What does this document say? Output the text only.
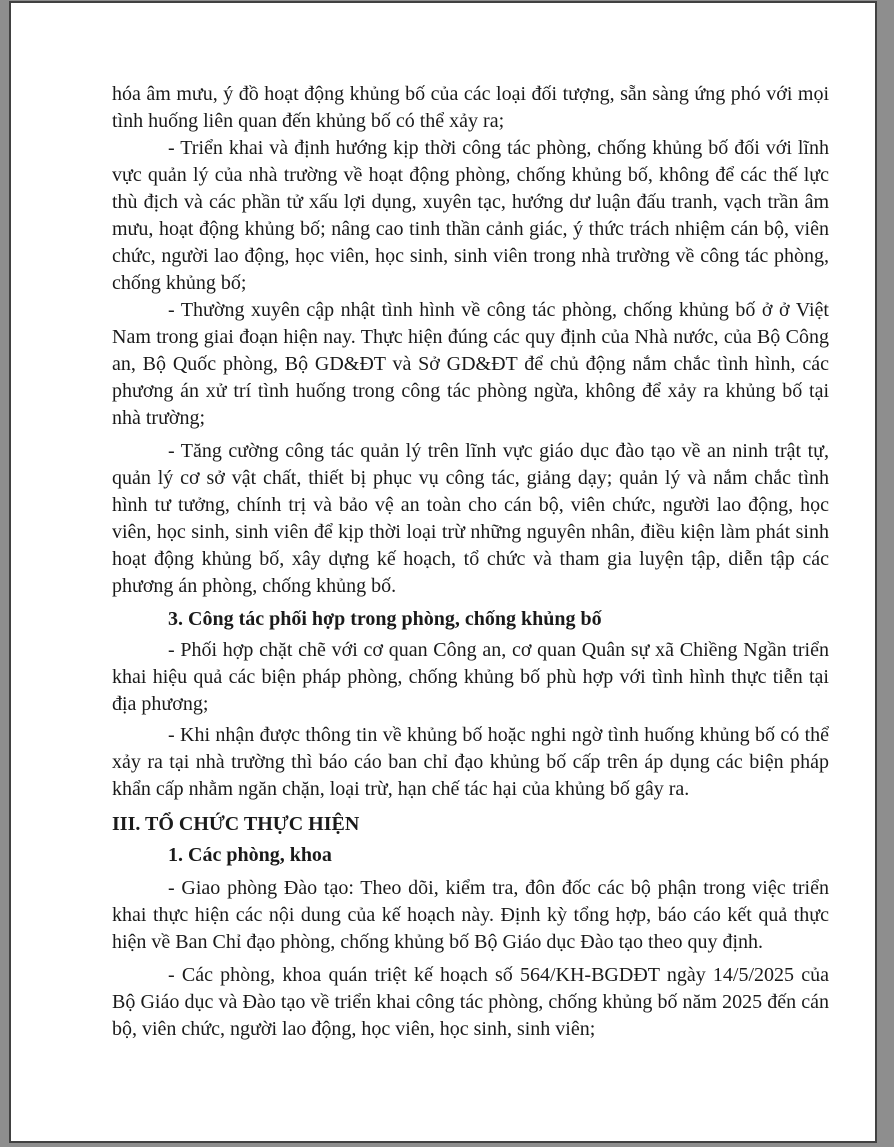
hóa âm mưu, ý đồ hoạt động khủng bố của các loại đối tượng, sẵn sàng ứng phó với mọi tình huống liên quan đến khủng bố có thể xảy ra;

- Triển khai và định hướng kịp thời công tác phòng, chống khủng bố đối với lĩnh vực quản lý của nhà trường về hoạt động phòng, chống khủng bố, không để các thế lực thù địch và các phần tử xấu lợi dụng, xuyên tạc, hướng dư luận đấu tranh, vạch trần âm mưu, hoạt động khủng bố; nâng cao tinh thần cảnh giác, ý thức trách nhiệm cán bộ, viên chức, người lao động, học viên, học sinh, sinh viên trong nhà trường về công tác phòng, chống khủng bố;

- Thường xuyên cập nhật tình hình về công tác phòng, chống khủng bố ở ở Việt Nam trong giai đoạn hiện nay. Thực hiện đúng các quy định của Nhà nước, của Bộ Công an, Bộ Quốc phòng, Bộ GD&ĐT và Sở GD&ĐT để chủ động nắm chắc tình hình, các phương án xử trí tình huống trong công tác phòng ngừa, không để xảy ra khủng bố tại nhà trường;

- Tăng cường công tác quản lý trên lĩnh vực giáo dục đào tạo về an ninh trật tự, quản lý cơ sở vật chất, thiết bị phục vụ công tác, giảng dạy; quản lý và nắm chắc tình hình tư tưởng, chính trị và bảo vệ an toàn cho cán bộ, viên chức, người lao động, học viên, học sinh, sinh viên để kịp thời loại trừ những nguyên nhân, điều kiện làm phát sinh hoạt động khủng bố, xây dựng kế hoạch, tổ chức và tham gia luyện tập, diễn tập các phương án phòng, chống khủng bố.

3. Công tác phối hợp trong phòng, chống khủng bố

- Phối hợp chặt chẽ với cơ quan Công an, cơ quan Quân sự xã Chiềng Ngần triển khai hiệu quả các biện pháp phòng, chống khủng bố phù hợp với tình hình thực tiễn tại địa phương;

- Khi nhận được thông tin về khủng bố hoặc nghi ngờ tình huống khủng bố có thể xảy ra tại nhà trường thì báo cáo ban chỉ đạo khủng bố cấp trên áp dụng các biện pháp khẩn cấp nhằm ngăn chặn, loại trừ, hạn chế tác hại của khủng bố gây ra.

III. TỔ CHỨC THỰC HIỆN
1. Các phòng, khoa

- Giao phòng Đào tạo: Theo dõi, kiểm tra, đôn đốc các bộ phận trong việc triển khai thực hiện các nội dung của kế hoạch này. Định kỳ tổng hợp, báo cáo kết quả thực hiện về Ban Chỉ đạo phòng, chống khủng bố Bộ Giáo dục Đào tạo theo quy định.

- Các phòng, khoa quán triệt kế hoạch số 564/KH-BGDĐT ngày 14/5/2025 của Bộ Giáo dục và Đào tạo về triển khai công tác phòng, chống khủng bố năm 2025 đến cán bộ, viên chức, người lao động, học viên, học sinh, sinh viên;
